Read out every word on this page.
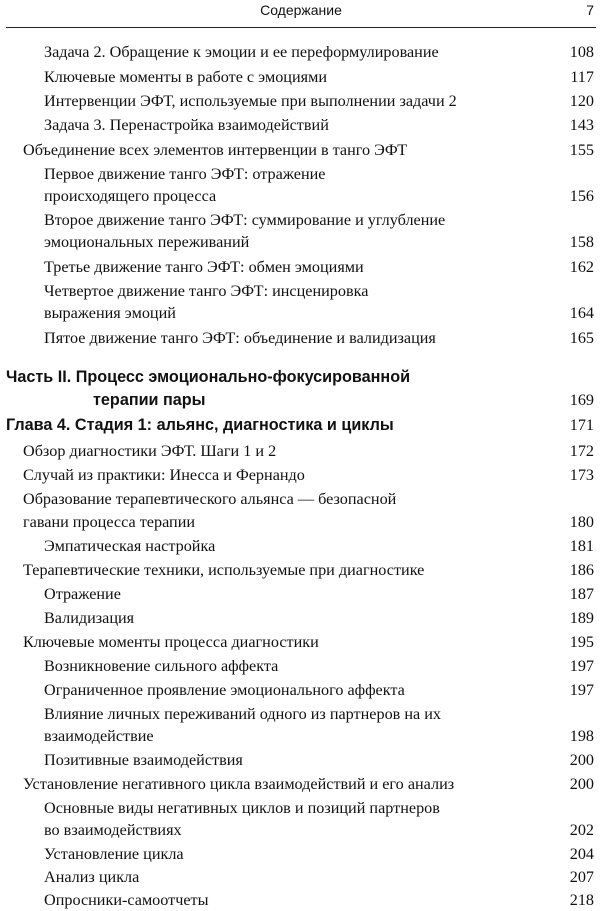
Содержание	7
Задача 2. Обращение к эмоции и ее переформулирование	108
Ключевые моменты в работе с эмоциями	117
Интервенции ЭФТ, используемые при выполнении задачи 2	120
Задача 3. Перенастройка взаимодействий	143
Объединение всех элементов интервенции в танго ЭФТ	155
Первое движение танго ЭФТ: отражение
происходящего процесса	156
Второе движение танго ЭФТ: суммирование и углубление
эмоциональных переживаний	158
Третье движение танго ЭФТ: обмен эмоциями	162
Четвертое движение танго ЭФТ: инсценировка
выражения эмоций	164
Пятое движение танго ЭФТ: объединение и валидизация	165
Часть II. Процесс эмоционально-фокусированной
терапии пары	169
Глава 4. Стадия 1: альянс, диагностика и циклы	171
Обзор диагностики ЭФТ. Шаги 1 и 2	172
Случай из практики: Инесса и Фернандо	173
Образование терапевтического альянса — безопасной
гавани процесса терапии	180
Эмпатическая настройка	181
Терапевтические техники, используемые при диагностике	186
Отражение	187
Валидизация	189
Ключевые моменты процесса диагностики	195
Возникновение сильного аффекта	197
Ограниченное проявление эмоционального аффекта	197
Влияние личных переживаний одного из партнеров на их
взаимодействие	198
Позитивные взаимодействия	200
Установление негативного цикла взаимодействий и его анализ	200
Основные виды негативных циклов и позиций партнеров
во взаимодействиях	202
Установление цикла	204
Анализ цикла	207
Опросники-самоотчеты	218
